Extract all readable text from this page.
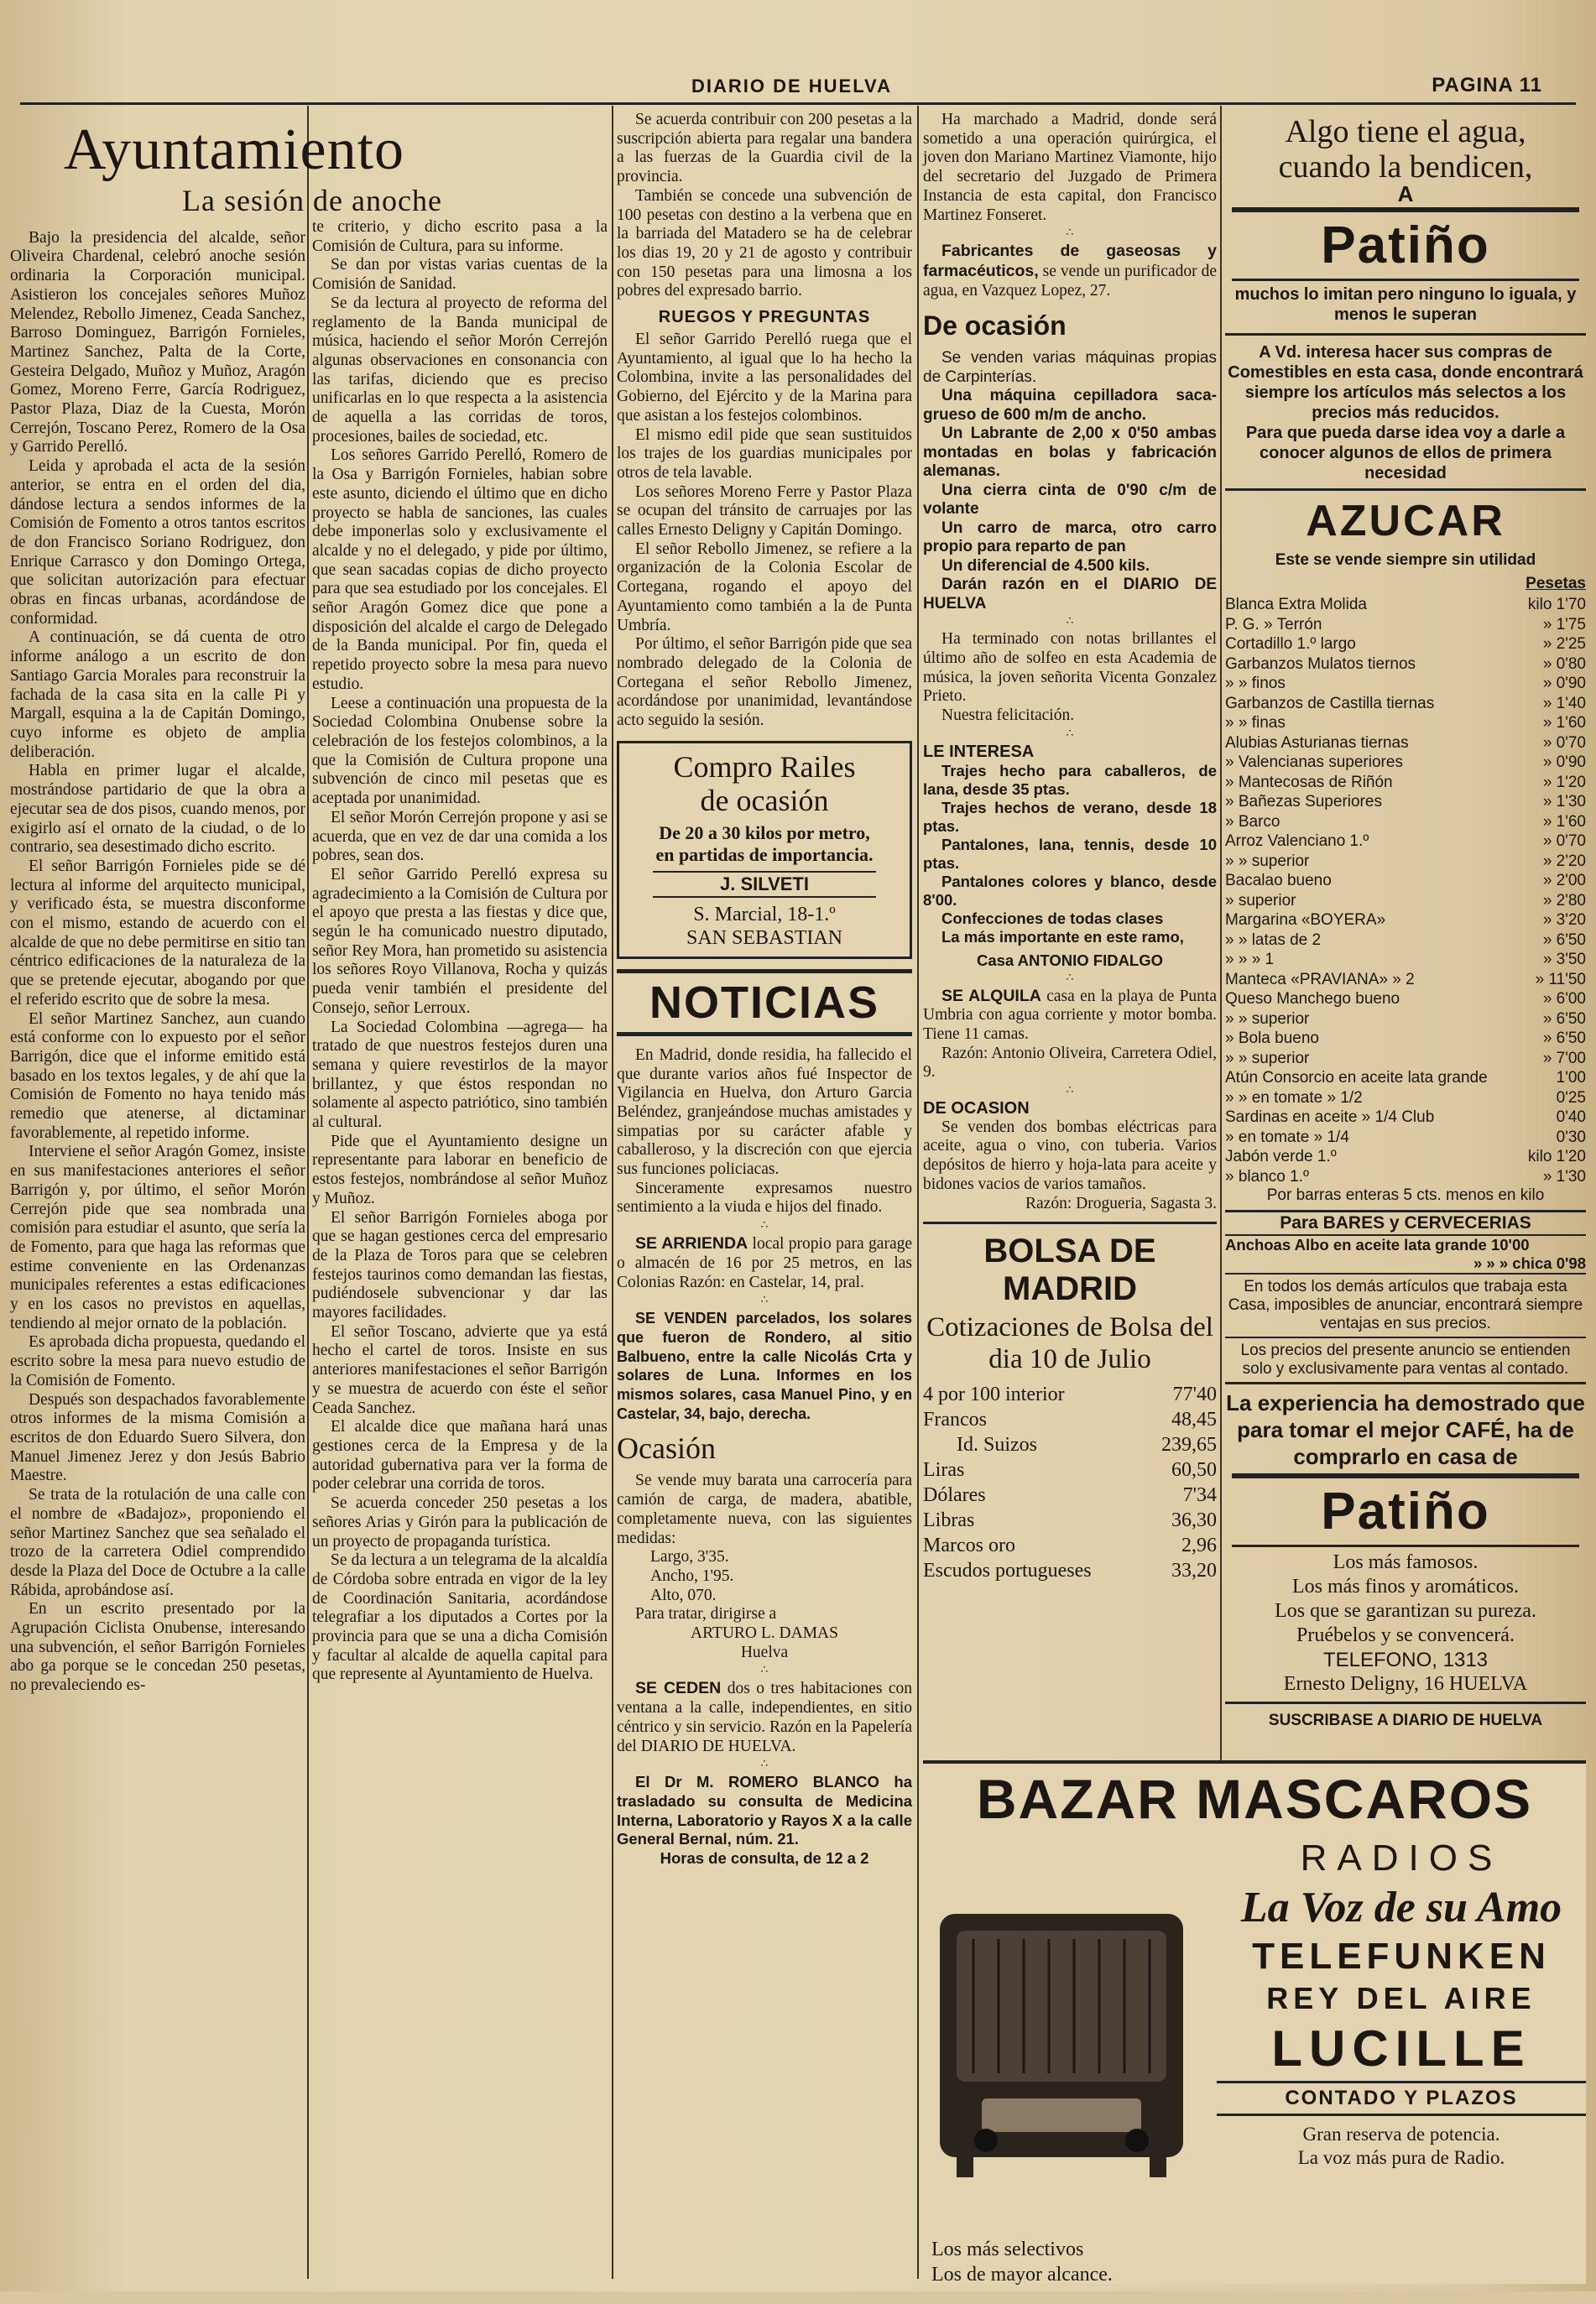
DIARIO DE HUELVA	PAGINA 11
Ayuntamiento
La sesión de anoche

Bajo la presidencia del alcalde, señor Oliveira Chardenal, celebró anoche sesión ordinaria la Corporación municipal. Asistieron los concejales señores Muñoz Melendez, Rebollo Jimenez, Ceada Sanchez, Barroso Dominguez, Barrigón Fornieles, Martinez Sanchez, Palta de la Corte, Gesteira Delgado, Muñoz y Muñoz, Aragón Gomez, Moreno Ferre, García Rodriguez, Pastor Plaza, Diaz de la Cuesta, Morón Cerrejón, Toscano Perez, Romero de la Osa y Garrido Perelló.

Leida y aprobada el acta de la sesión anterior, se entra en el orden del dia, dándose lectura a sendos informes de la Comisión de Fomento a otros tantos escritos de don Francisco Soriano Rodriguez, don Enrique Carrasco y don Domingo Ortega, que solicitan autorización para efectuar obras en fincas urbanas, acordándose de conformidad.

A continuación, se dá cuenta de otro informe análogo a un escrito de don Santiago Garcia Morales para reconstruir la fachada de la casa sita en la calle Pi y Margall, esquina a la de Capitán Domingo, cuyo informe es objeto de amplia deliberación.

Habla en primer lugar el alcalde, mostrándose partidario de que la obra a ejecutar sea de dos pisos, cuando menos, por exigirlo así el ornato de la ciudad, o de lo contrario, sea desestimado dicho escrito.

El señor Barrigón Fornieles pide se dé lectura al informe del arquitecto municipal, y verificado ésta, se muestra disconforme con el mismo, estando de acuerdo con el alcalde de que no debe permitirse en sitio tan céntrico edificaciones de la naturaleza de la que se pretende ejecutar, abogando por que el referido escrito que de sobre la mesa.

El señor Martinez Sanchez, aun cuando está conforme con lo expuesto por el señor Barrigón, dice que el informe emitido está basado en los textos legales, y de ahí que la Comisión de Fomento no haya tenido más remedio que atenerse, al dictaminar favorablemente, al repetido informe.

Interviene el señor Aragón Gomez, insiste en sus manifestaciones anteriores el señor Barrigón y, por último, el señor Morón Cerrejón pide que sea nombrada una comisión para estudiar el asunto, que sería la de Fomento, para que haga las reformas que estime conveniente en las Ordenanzas municipales referentes a estas edificaciones y en los casos no previstos en aquellas, tendiendo al mejor ornato de la población.

Es aprobada dicha propuesta, quedando el escrito sobre la mesa para nuevo estudio de la Comisión de Fomento.

Después son despachados favorablemente otros informes de la misma Comisión a escritos de don Eduardo Suero Silvera, don Manuel Jimenez Jerez y don Jesús Babrio Maestre.

Se trata de la rotulación de una calle con el nombre de «Badajoz», proponiendo el señor Martinez Sanchez que sea señalado el trozo de la carretera Odiel comprendido desde la Plaza del Doce de Octubre a la calle Rábida, aprobándose así.

En un escrito presentado por la Agrupación Ciclista Onubense, interesando una subvención, el señor Barrigón Fornieles abo ga porque se le concedan 250 pesetas, no prevaleciendo es-

te criterio, y dicho escrito pasa a la Comisión de Cultura, para su informe.

Se dan por vistas varias cuentas de la Comisión de Sanidad.

Se da lectura al proyecto de reforma del reglamento de la Banda municipal de música, haciendo el señor Morón Cerrejón algunas observaciones en consonancia con las tarifas, diciendo que es preciso unificarlas en lo que respecta a la asistencia de aquella a las corridas de toros, procesiones, bailes de sociedad, etc.

Los señores Garrido Perelló, Romero de la Osa y Barrigón Fornieles, habian sobre este asunto, diciendo el último que en dicho proyecto se habla de sanciones, las cuales debe imponerlas solo y exclusivamente el alcalde y no el delegado, y pide por último, que sean sacadas copias de dicho proyecto para que sea estudiado por los concejales. El señor Aragón Gomez dice que pone a disposición del alcalde el cargo de Delegado de la Banda municipal. Por fin, queda el repetido proyecto sobre la mesa para nuevo estudio.

Leese a continuación una propuesta de la Sociedad Colombina Onubense sobre la celebración de los festejos colombinos, a la que la Comisión de Cultura propone una subvención de cinco mil pesetas que es aceptada por unanimidad.

El señor Morón Cerrejón propone y asi se acuerda, que en vez de dar una comida a los pobres, sean dos.

El señor Garrido Perelló expresa su agradecimiento a la Comisión de Cultura por el apoyo que presta a las fiestas y dice que, según le ha comunicado nuestro diputado, señor Rey Mora, han prometido su asistencia los señores Royo Villanova, Rocha y quizás pueda venir también el presidente del Consejo, señor Lerroux.

La Sociedad Colombina —agrega— ha tratado de que nuestros festejos duren una semana y quiere revestirlos de la mayor brillantez, y que éstos respondan no solamente al aspecto patriótico, sino también al cultural.

Pide que el Ayuntamiento designe un representante para laborar en beneficio de estos festejos, nombrándose al señor Muñoz y Muñoz.

El señor Barrigón Fornieles aboga por que se hagan gestiones cerca del empresario de la Plaza de Toros para que se celebren festejos taurinos como demandan las fiestas, pudiéndosele subvencionar y dar las mayores facilidades.

El señor Toscano, advierte que ya está hecho el cartel de toros. Insiste en sus anteriores manifestaciones el señor Barrigón y se muestra de acuerdo con éste el señor Ceada Sanchez.

El alcalde dice que mañana hará unas gestiones cerca de la Empresa y de la autoridad gubernativa para ver la forma de poder celebrar una corrida de toros.

Se acuerda conceder 250 pesetas a los señores Arias y Girón para la publicación de un proyecto de propaganda turística.

Se da lectura a un telegrama de la alcaldía de Córdoba sobre entrada en vigor de la ley de Coordinación Sanitaria, acordándose telegrafiar a los diputados a Cortes por la provincia para que se una a dicha Comisión y facultar al alcalde de aquella capital para que represente al Ayuntamiento de Huelva.

Se acuerda contribuir con 200 pesetas a la suscripción abierta para regalar una bandera a las fuerzas de la Guardia civil de la provincia.

También se concede una subvención de 100 pesetas con destino a la verbena que en la barriada del Matadero se ha de celebrar los dias 19, 20 y 21 de agosto y contribuir con 150 pesetas para una limosna a los pobres del expresado barrio.

RUEGOS Y PREGUNTAS

El señor Garrido Perelló ruega que el Ayuntamiento, al igual que lo ha hecho la Colombina, invite a las personalidades del Gobierno, del Ejército y de la Marina para que asistan a los festejos colombinos.

El mismo edil pide que sean sustituidos los trajes de los guardias municipales por otros de tela lavable.

Los señores Moreno Ferre y Pastor Plaza se ocupan del tránsito de carruajes por las calles Ernesto Deligny y Capitán Domingo.

El señor Rebollo Jimenez, se refiere a la organización de la Colonia Escolar de Cortegana, rogando el apoyo del Ayuntamiento como también a la de Punta Umbría.

Por último, el señor Barrigón pide que sea nombrado delegado de la Colonia de Cortegana el señor Rebollo Jimenez, acordándose por unanimidad, levantándose acto seguido la sesión.

Compro Railes
de ocasión
De 20 a 30 kilos por metro,
en partidas de importancia.
J. SILVETI
S. Marcial, 18-1.º
SAN SEBASTIAN
NOTICIAS

En Madrid, donde residia, ha fallecido el que durante varios años fué Inspector de Vigilancia en Huelva, don Arturo Garcia Beléndez, granjeándose muchas amistades y simpatias por su carácter afable y caballeroso, y la discreción con que ejercia sus funciones policiacas.

Sinceramente expresamos nuestro sentimiento a la viuda e hijos del finado.

∴

SE ARRIENDA local propio para garage o almacén de 16 por 25 metros, en las Colonias Razón: en Castelar, 14, pral.

∴

SE VENDEN parcelados, los solares que fueron de Rondero, al sitio Balbueno, entre la calle Nicolás Crta y solares de Luna. Informes en los mismos solares, casa Manuel Pino, y en Castelar, 34, bajo, derecha.

Ocasión

Se vende muy barata una carrocería para camión de carga, de madera, abatible, completamente nueva, con las siguientes medidas:

Largo, 3'35.
Ancho, 1'95.
Alto, 070.

Para tratar, dirigirse a

ARTURO L. DAMAS
Huelva
∴

SE CEDEN dos o tres habitaciones con ventana a la calle, independientes, en sitio céntrico y sin servicio. Razón en la Papelería del DIARIO DE HUELVA.

∴

El Dr M. ROMERO BLANCO ha trasladado su consulta de Medicina Interna, Laboratorio y Rayos X a la calle General Bernal, núm. 21.

Horas de consulta, de 12 a 2

Ha marchado a Madrid, donde será sometido a una operación quirúrgica, el joven don Mariano Martinez Viamonte, hijo del secretario del Juzgado de Primera Instancia de esta capital, don Francisco Martinez Fonseret.

∴

Fabricantes de gaseosas y farmacéuticos, se vende un purificador de agua, en Vazquez Lopez, 27.

De ocasión

Se venden varias máquinas propias de Carpinterías.

Una máquina cepilladora saca-grueso de 600 m/m de ancho.

Un Labrante de 2,00 x 0'50 ambas montadas en bolas y fabricación alemanas.

Una cierra cinta de 0'90 c/m de volante

Un carro de marca, otro carro propio para reparto de pan

Un diferencial de 4.500 kils.

Darán razón en el DIARIO DE HUELVA

∴

Ha terminado con notas brillantes el último año de solfeo en esta Academia de música, la joven señorita Vicenta Gonzalez Prieto.

Nuestra felicitación.

∴
LE INTERESA

Trajes hecho para caballeros, de lana, desde 35 ptas.

Trajes hechos de verano, desde 18 ptas.

Pantalones, lana, tennis, desde 10 ptas.

Pantalones colores y blanco, desde 8'00.

Confecciones de todas clases

La más importante en este ramo,

Casa ANTONIO FIDALGO
∴

SE ALQUILA casa en la playa de Punta Umbria con agua corriente y motor bomba. Tiene 11 camas.

Razón: Antonio Oliveira, Carretera Odiel, 9.

∴
DE OCASION

Se venden dos bombas eléctricas para aceite, agua o vino, con tuberia. Varios depósitos de hierro y hoja-lata para aceite y bidones vacios de varios tamaños.

Razón: Drogueria, Sagasta 3.

BOLSA DE MADRID
Cotizaciones de Bolsa del dia 10 de Julio
4 por 100 interior	77'40
Francos	48,45
Id. Suizos	239,65
Liras	60,50
Dólares	7'34
Libras	36,30
Marcos oro	2,96
Escudos portugueses	33,20
Algo tiene el agua,
cuando la bendicen,
A
Patiño
muchos lo imitan pero ninguno lo iguala, y menos le superan
A Vd. interesa hacer sus compras de Comestibles en esta casa, donde encontrará siempre los artículos más selectos a los precios más reducidos.
Para que pueda darse idea voy a darle a conocer algunos de ellos de primera necesidad
AZUCAR
Este se vende siempre sin utilidad
Pesetas
Blanca Extra Molida	kilo 1'70
P. G. » Terrón	» 1'75
Cortadillo 1.º largo	» 2'25
Garbanzos Mulatos tiernos	» 0'80
» » finos	» 0'90
Garbanzos de Castilla tiernas	» 1'40
» » finas	» 1'60
Alubias Asturianas tiernas	» 0'70
» Valencianas superiores	» 0'90
» Mantecosas de Riñón	» 1'20
» Bañezas Superiores	» 1'30
» Barco	» 1'60
Arroz Valenciano 1.º	» 0'70
» » superior	» 2'20
Bacalao bueno	» 2'00
» superior	» 2'80
Margarina «BOYERA»	» 3'20
» » latas de 2	» 6'50
» » » 1	» 3'50
Manteca «PRAVIANA» » 2	» 11'50
Queso Manchego bueno	» 6'00
» » superior	» 6'50
» Bola bueno	» 6'50
» » superior	» 7'00
Atún Consorcio en aceite lata grande	1'00
» » en tomate » 1/2	0'25
Sardinas en aceite » 1/4 Club	0'40
» en tomate » 1/4	0'30
Jabón verde 1.º	kilo 1'20
» blanco 1.º	» 1'30
Por barras enteras 5 cts. menos en kilo
Para BARES y CERVECERIAS
Anchoas Albo en aceite lata grande 10'00
» » » chica 0'98
En todos los demás artículos que trabaja esta Casa, imposibles de anunciar, encontrará siempre ventajas en sus precios.
Los precios del presente anuncio se entienden solo y exclusivamente para ventas al contado.
La experiencia ha demostrado que para tomar el mejor CAFÉ, ha de comprarlo en casa de
Patiño
Los más famosos.
Los más finos y aromáticos.
Los que se garantizan su pureza.
Pruébelos y se convencerá.
TELEFONO, 1313
Ernesto Deligny, 16 HUELVA
SUSCRIBASE A DIARIO DE HUELVA
BAZAR MASCAROS
Los más selectivos
Los de mayor alcance.
RADIOS
La Voz de su Amo
TELEFUNKEN
REY DEL AIRE
LUCILLE
CONTADO Y PLAZOS
Gran reserva de potencia.
La voz más pura de Radio.
